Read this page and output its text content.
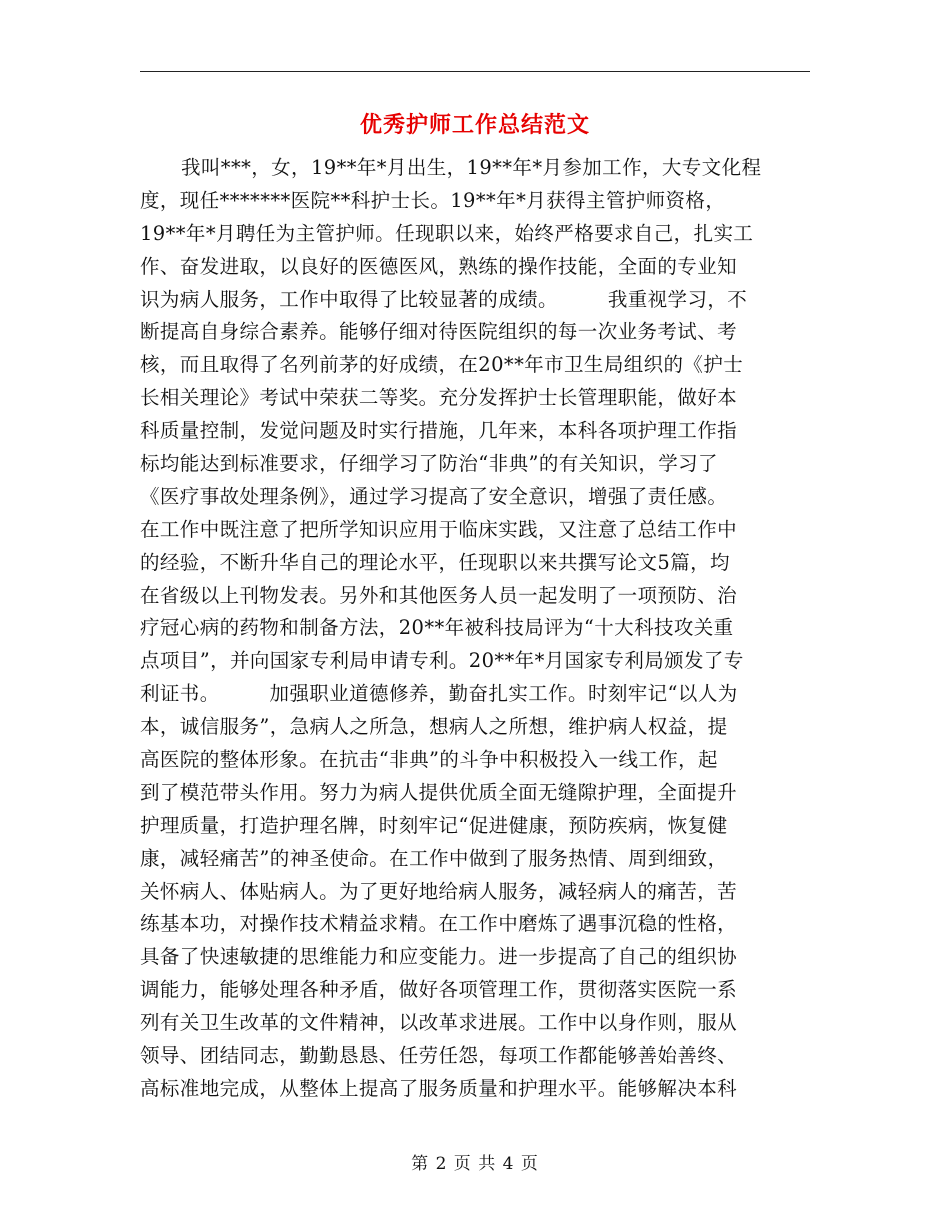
优秀护师工作总结范文
我叫***，女，19**年*月出生，19**年*月参加工作，大专文化程
度，现任*******医院**科护士长。19**年*月获得主管护师资格，
19**年*月聘任为主管护师。任现职以来，始终严格要求自己，扎实工
作、奋发进取，以良好的医德医风，熟练的操作技能，全面的专业知
识为病人服务，工作中取得了比较显著的成绩。　　　我重视学习，不
断提高自身综合素养。能够仔细对待医院组织的每一次业务考试、考
核，而且取得了名列前茅的好成绩，在20**年市卫生局组织的《护士
长相关理论》考试中荣获二等奖。充分发挥护士长管理职能，做好本
科质量控制，发觉问题及时实行措施，几年来，本科各项护理工作指
标均能达到标准要求，仔细学习了防治“非典”的有关知识，学习了
《医疗事故处理条例》，通过学习提高了安全意识，增强了责任感。
在工作中既注意了把所学知识应用于临床实践，又注意了总结工作中
的经验，不断升华自己的理论水平，任现职以来共撰写论文5篇，均
在省级以上刊物发表。另外和其他医务人员一起发明了一项预防、治
疗冠心病的药物和制备方法，20**年被科技局评为“十大科技攻关重
点项目”，并向国家专利局申请专利。20**年*月国家专利局颁发了专
利证书。　　　加强职业道德修养，勤奋扎实工作。时刻牢记“以人为
本，诚信服务”，急病人之所急，想病人之所想，维护病人权益，提
高医院的整体形象。在抗击“非典”的斗争中积极投入一线工作，起
到了模范带头作用。努力为病人提供优质全面无缝隙护理，全面提升
护理质量，打造护理名牌，时刻牢记“促进健康，预防疾病，恢复健
康，减轻痛苦”的神圣使命。在工作中做到了服务热情、周到细致，
关怀病人、体贴病人。为了更好地给病人服务，减轻病人的痛苦，苦
练基本功，对操作技术精益求精。在工作中磨炼了遇事沉稳的性格，
具备了快速敏捷的思维能力和应变能力。进一步提高了自己的组织协
调能力，能够处理各种矛盾，做好各项管理工作，贯彻落实医院一系
列有关卫生改革的文件精神，以改革求进展。工作中以身作则，服从
领导、团结同志，勤勤恳恳、任劳任怨，每项工作都能够善始善终、
高标准地完成，从整体上提高了服务质量和护理水平。能够解决本科
第 2 页 共 4 页
